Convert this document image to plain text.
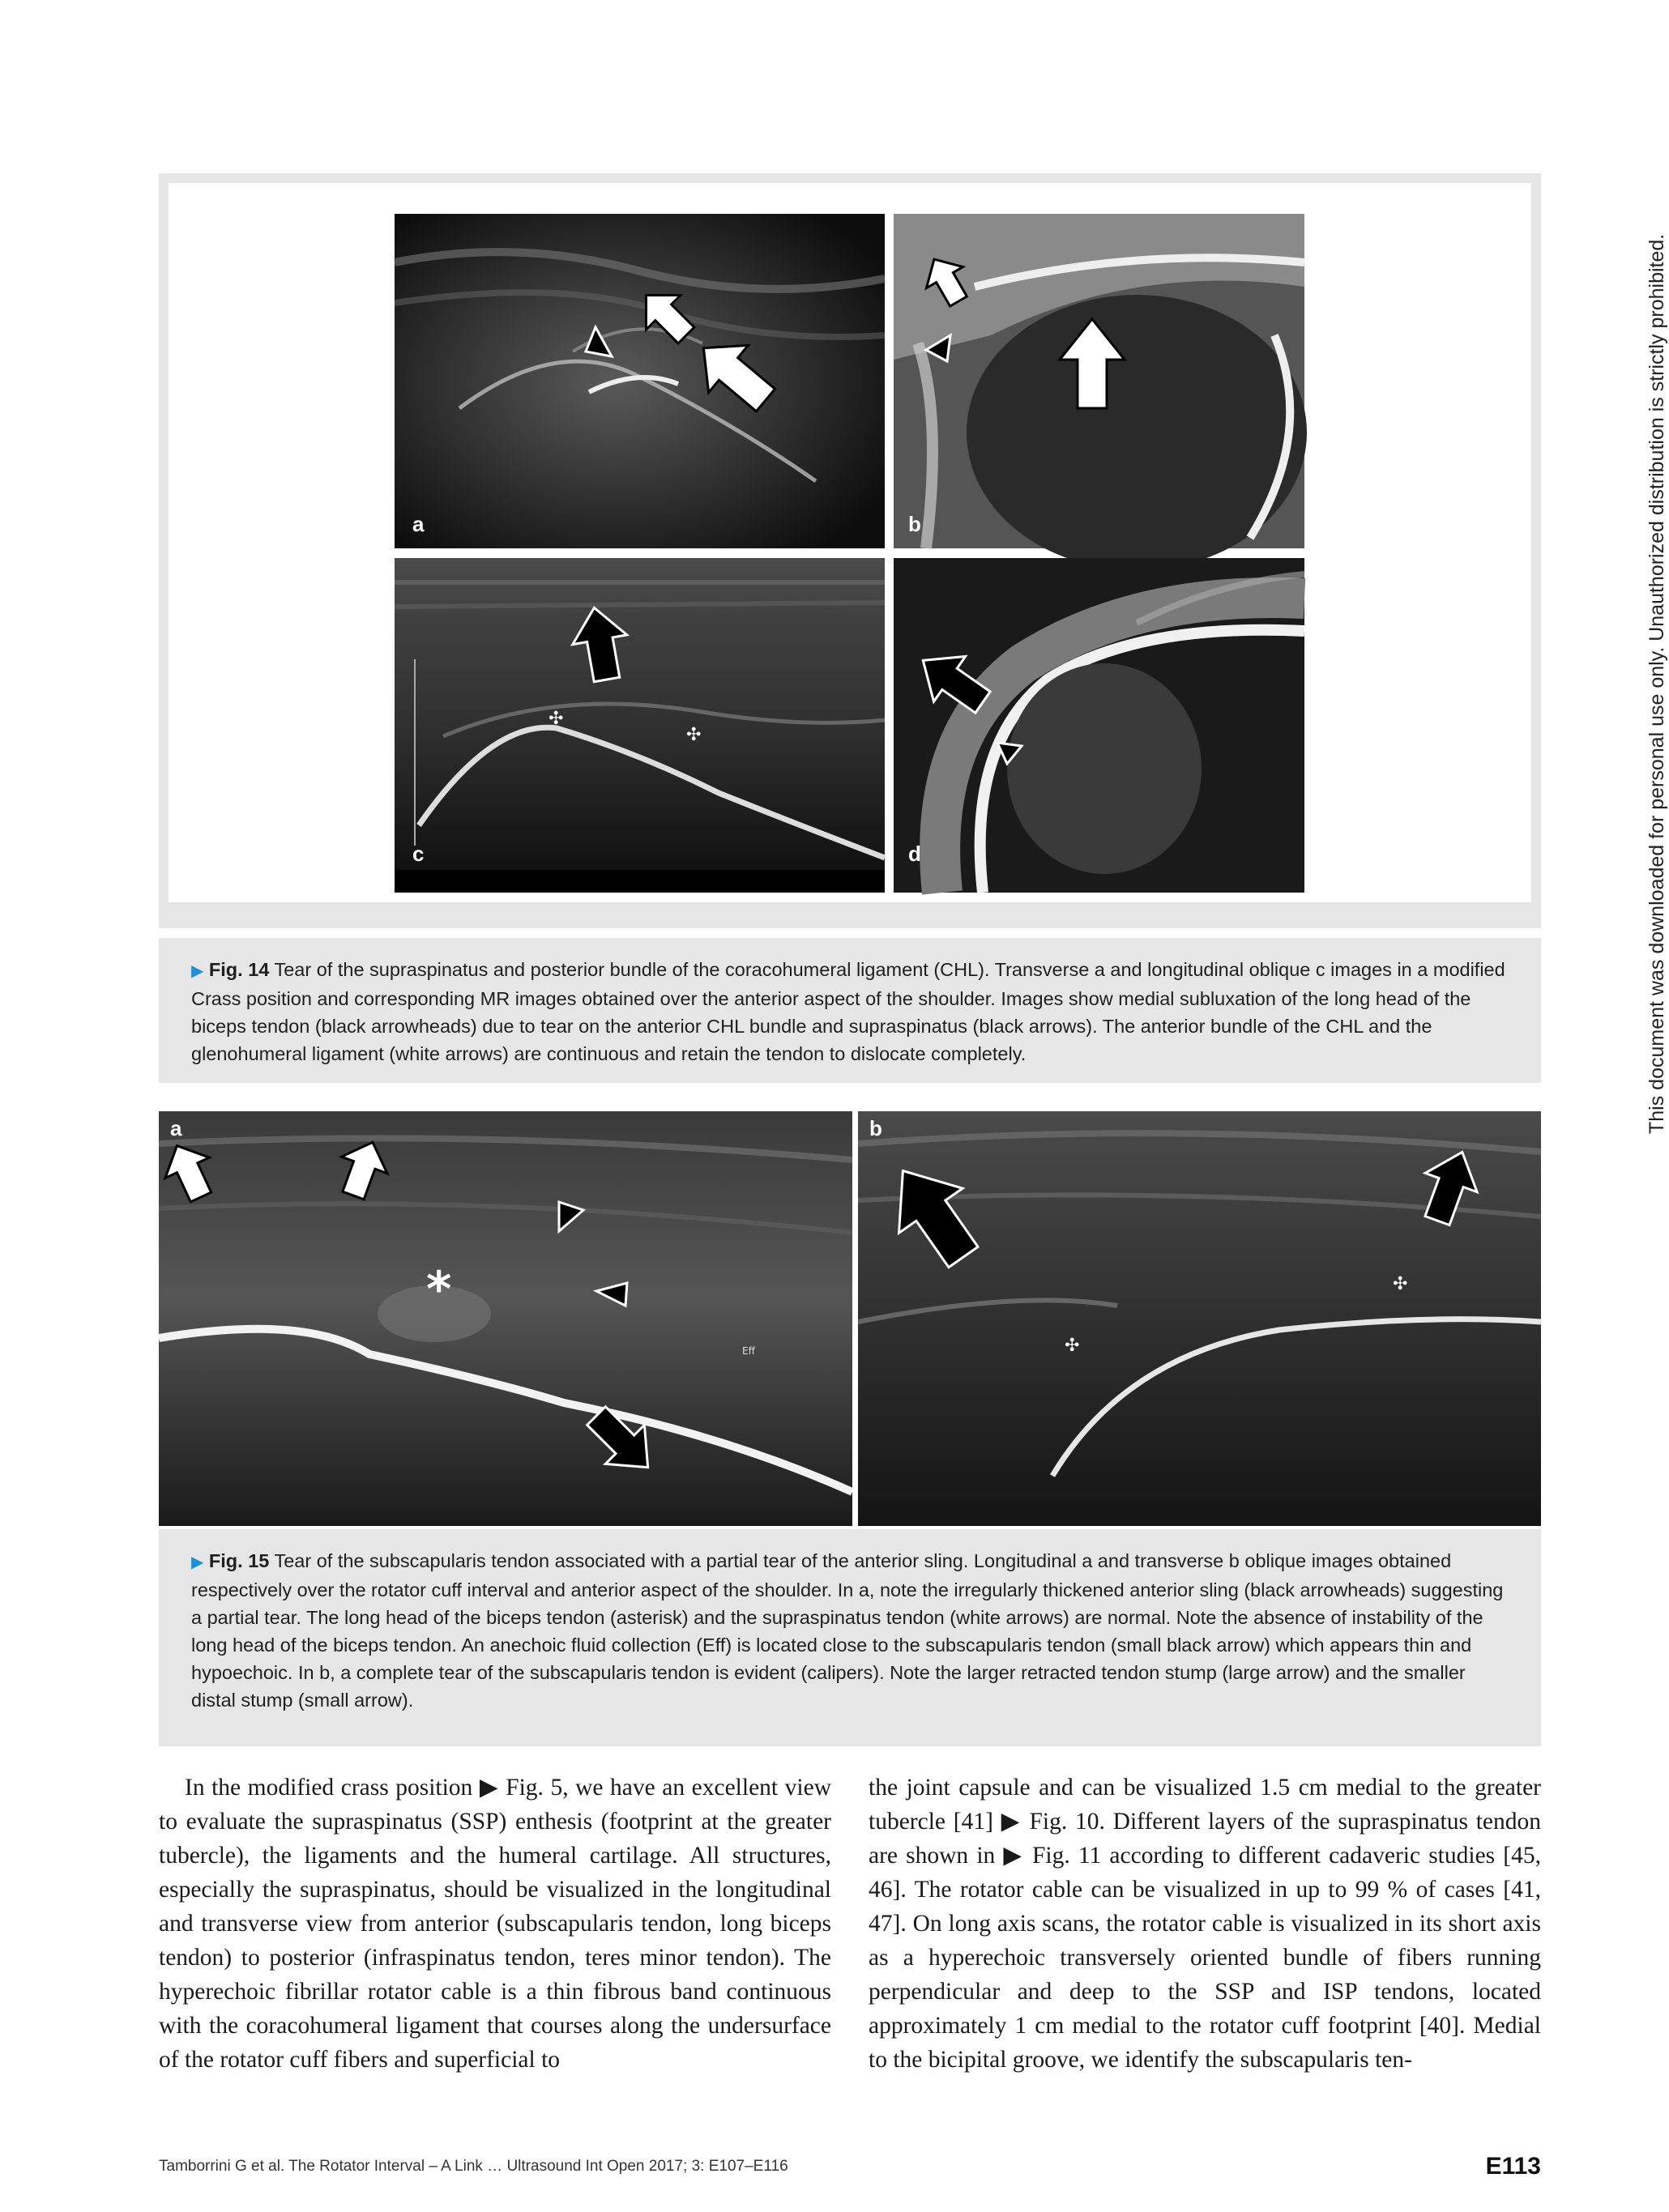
a	b
✣
✣
c	d
▶ Fig. 14 Tear of the supraspinatus and posterior bundle of the coracohumeral ligament (CHL). Transverse a and longitudinal oblique c images in a modified Crass position and corresponding MR images obtained over the anterior aspect of the shoulder. Images show medial subluxation of the long head of the biceps tendon (black arrowheads) due to tear on the anterior CHL bundle and supraspinatus (black arrows). The anterior bundle of the CHL and the glenohumeral ligament (white arrows) are continuous and retain the tendon to dislocate completely.
*
Eff
a
✣
✣
b
▶ Fig. 15 Tear of the subscapularis tendon associated with a partial tear of the anterior sling. Longitudinal a and transverse b oblique images obtained respectively over the rotator cuff interval and anterior aspect of the shoulder. In a, note the irregularly thickened anterior sling (black arrowheads) suggesting a partial tear. The long head of the biceps tendon (asterisk) and the supraspinatus tendon (white arrows) are normal. Note the absence of instability of the long head of the biceps tendon. An anechoic fluid collection (Eff) is located close to the subscapularis tendon (small black arrow) which appears thin and hypoechoic. In b, a complete tear of the subscapularis tendon is evident (calipers). Note the larger retracted tendon stump (large arrow) and the smaller distal stump (small arrow).
In the modified crass position ▶ Fig. 5, we have an excellent view to evaluate the supraspinatus (SSP) enthesis (footprint at the greater tubercle), the ligaments and the humeral cartilage. All structures, especially the supraspinatus, should be visualized in the longitudinal and transverse view from anterior (subscapularis tendon, long biceps tendon) to posterior (infraspinatus tendon, teres minor tendon). The hyperechoic fibrillar rotator cable is a thin fibrous band continuous with the coracohumeral ligament that courses along the undersurface of the rotator cuff fibers and superficial to
the joint capsule and can be visualized 1.5 cm medial to the greater tubercle [41] ▶ Fig. 10. Different layers of the supraspinatus tendon are shown in ▶ Fig. 11 according to different cadaveric studies [45, 46]. The rotator cable can be visualized in up to 99 % of cases [41, 47]. On long axis scans, the rotator cable is visualized in its short axis as a hyperechoic transversely oriented bundle of fibers running perpendicular and deep to the SSP and ISP tendons, located approximately 1 cm medial to the rotator cuff footprint [40]. Medial to the bicipital groove, we identify the subscapularis ten-
Tamborrini G et al. The Rotator Interval – A Link … Ultrasound Int Open 2017; 3: E107–E116	E113
This document was downloaded for personal use only. Unauthorized distribution is strictly prohibited.
